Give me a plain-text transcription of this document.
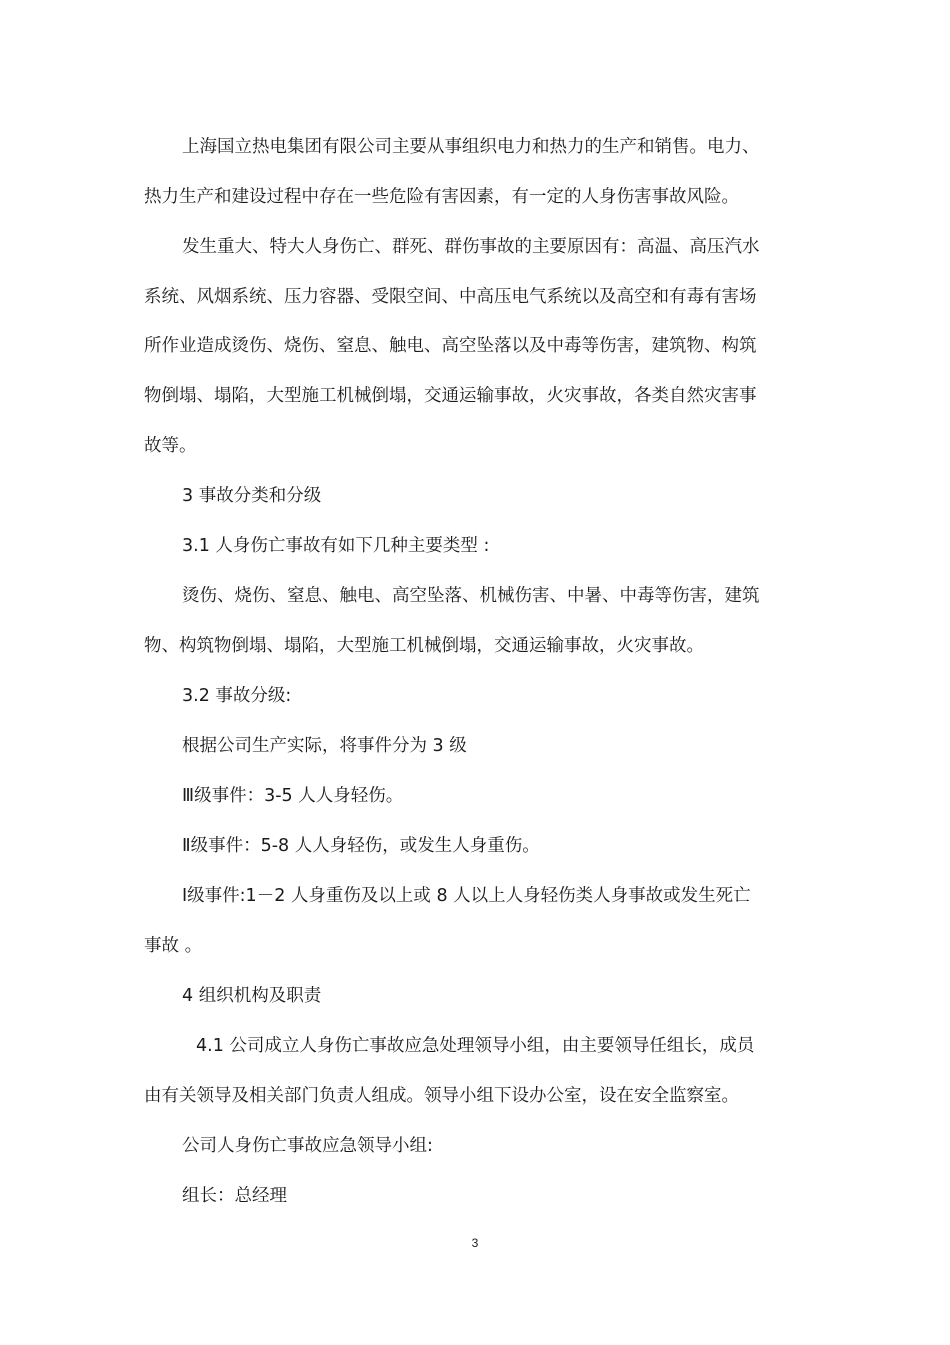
上海国立热电集团有限公司主要从事组织电力和热力的生产和销售。电力、
热力生产和建设过程中存在一些危险有害因素，有一定的人身伤害事故风险。
发生重大、特大人身伤亡、群死、群伤事故的主要原因有：高温、高压汽水
系统、风烟系统、压力容器、受限空间、中高压电气系统以及高空和有毒有害场
所作业造成烫伤、烧伤、窒息、触电、高空坠落以及中毒等伤害，建筑物、构筑
物倒塌、塌陷，大型施工机械倒塌，交通运输事故，火灾事故，各类自然灾害事
故等。
3 事故分类和分级
3.1 人身伤亡事故有如下几种主要类型 :
烫伤、烧伤、窒息、触电、高空坠落、机械伤害、中暑、中毒等伤害，建筑
物、构筑物倒塌、塌陷，大型施工机械倒塌，交通运输事故，火灾事故。
3.2 事故分级:
根据公司生产实际，将事件分为 3 级
Ⅲ级事件：3-5 人人身轻伤。
Ⅱ级事件：5-8 人人身轻伤，或发生人身重伤。
Ⅰ级事件:1－2 人身重伤及以上或 8 人以上人身轻伤类人身事故或发生死亡
事故 。
4 组织机构及职责
4.1 公司成立人身伤亡事故应急处理领导小组，由主要领导任组长，成员
由有关领导及相关部门负责人组成。领导小组下设办公室，设在安全监察室。
公司人身伤亡事故应急领导小组:
组长：总经理
3
